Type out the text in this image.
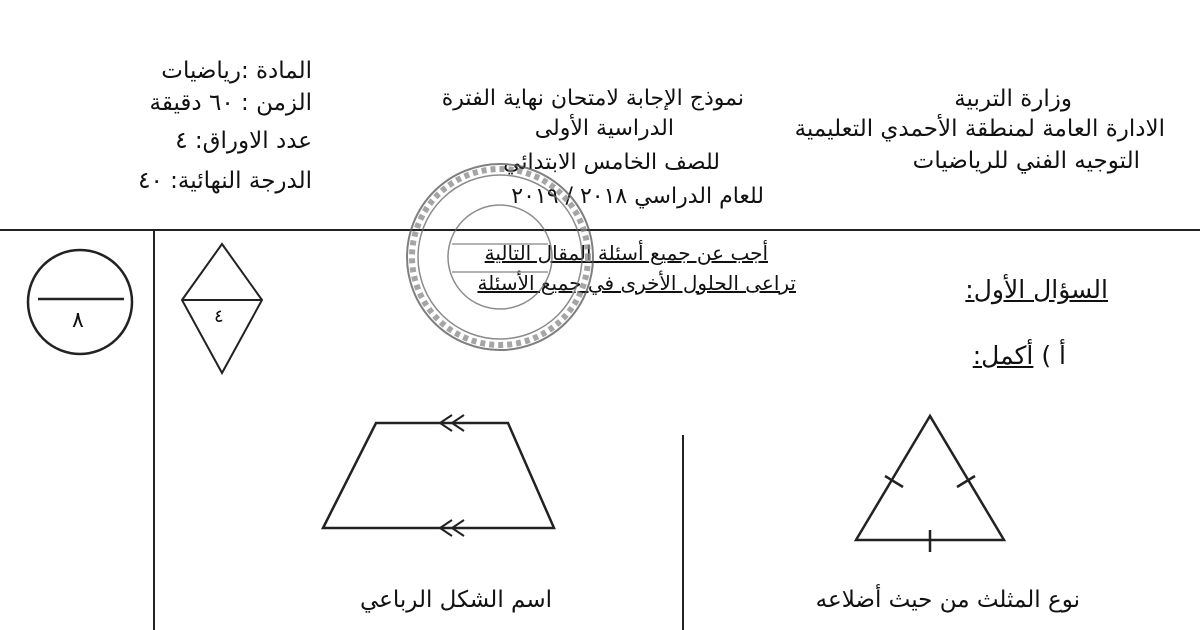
وزارة التربية
الادارة العامة لمنطقة الأحمدي التعليمية
التوجيه الفني للرياضيات
نموذج الإجابة لامتحان نهاية الفترة
الدراسية الأولى
للصف الخامس الابتدائي
للعام الدراسي ٢٠١٨ / ٢٠١٩
المادة :رياضيات
الزمن : ٦٠ دقيقة
عدد الاوراق: ٤
الدرجة النهائية: ٤٠
أجب عن جميع أسئلة المقال التالية
تراعى الحلول الأخرى في جميع الأسئلة	السؤال الأول:
أ ) أكمل:
٨	٤
نوع المثلث من حيث أضلاعه
اسم الشكل الرباعي
